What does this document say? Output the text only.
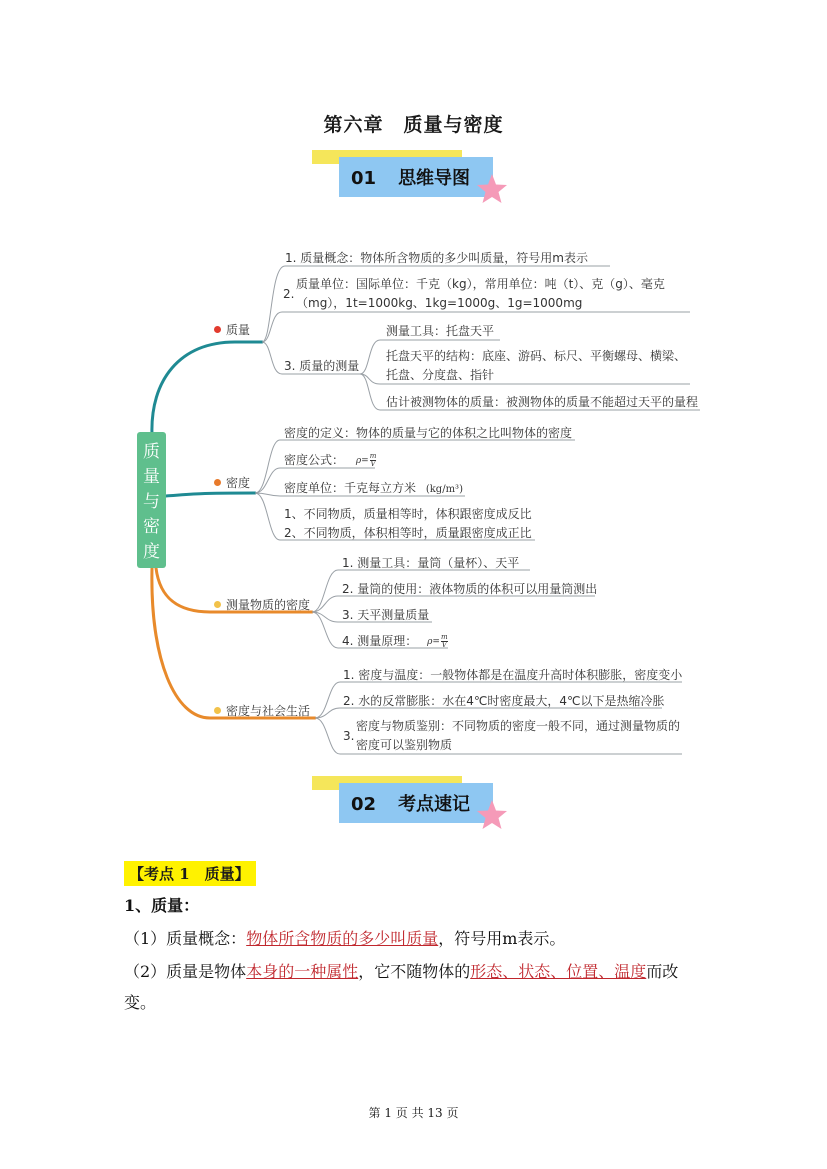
第六章　质量与密度
01 思维导图
质
量
与
密
度
质量
1. 质量概念：物体所含物质的多少叫质量，符号用m表示
2.
质量单位：国际单位：千克（kg），常用单位：吨（t）、克（g）、毫克（mg），1t=1000kg、1kg=1000g、1g=1000mg
3. 质量的测量
测量工具：托盘天平
托盘天平的结构：底座、游码、标尺、平衡螺母、横梁、托盘、分度盘、指针
估计被测物体的质量：被测物体的质量不能超过天平的量程
密度
密度的定义：物体的质量与它的体积之比叫物体的密度
密度公式： $\rho= \frac{m}{V}$
密度单位：千克每立方米 (kg/m³)
1、不同物质，质量相等时，体积跟密度成反比
2、不同物质，体积相等时，质量跟密度成正比
测量物质的密度
1. 测量工具：量筒（量杯）、天平
2. 量筒的使用：液体物质的体积可以用量筒测出
3. 天平测量质量
4. 测量原理： $\rho= \frac{m}{V}$
密度与社会生活
1. 密度与温度：一般物体都是在温度升高时体积膨胀，密度变小
2. 水的反常膨胀：水在4℃时密度最大，4℃以下是热缩冷胀
3.
密度与物质鉴别：不同物质的密度一般不同，通过测量物质的密度可以鉴别物质
02 考点速记
【考点 1　质量】
1、质量：
（1）质量概念：物体所含物质的多少叫质量，符号用m表示。
（2）质量是物体本身的一种属性，它不随物体的形态、状态、位置、温度而改
变。
第 1 页 共 13 页
